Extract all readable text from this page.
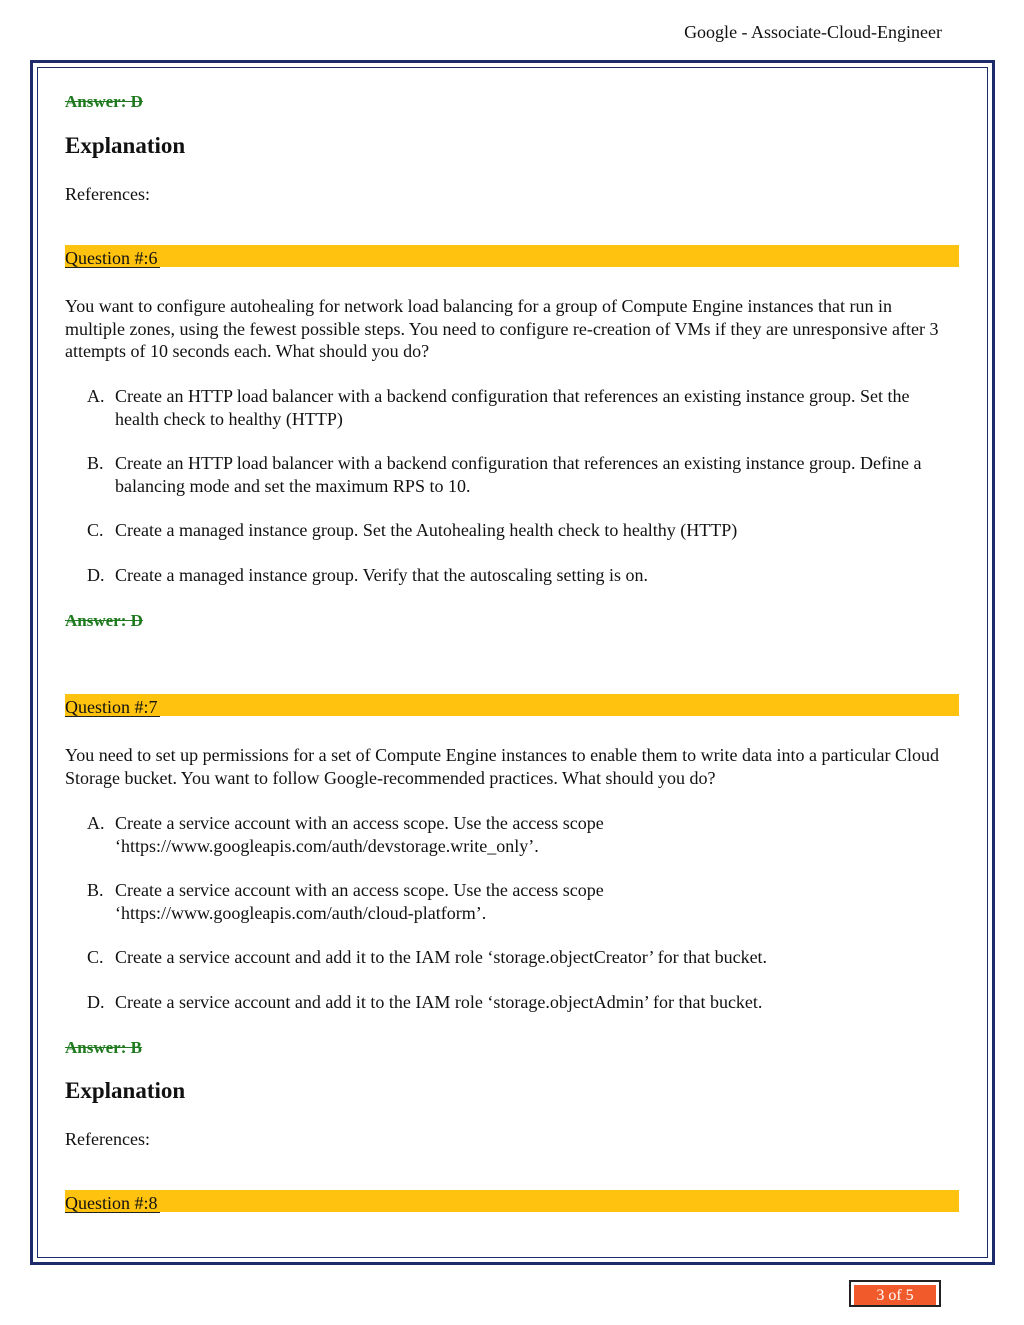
Google - Associate-Cloud-Engineer
Answer: D
Explanation
References:
Question #:6
You want to configure autohealing for network load balancing for a group of Compute Engine instances that run in multiple zones, using the fewest possible steps. You need to configure re-creation of VMs if they are unresponsive after 3 attempts of 10 seconds each. What should you do?
A. Create an HTTP load balancer with a backend configuration that references an existing instance group. Set the health check to healthy (HTTP)
B. Create an HTTP load balancer with a backend configuration that references an existing instance group. Define a balancing mode and set the maximum RPS to 10.
C. Create a managed instance group. Set the Autohealing health check to healthy (HTTP)
D. Create a managed instance group. Verify that the autoscaling setting is on.
Answer: D
Question #:7
You need to set up permissions for a set of Compute Engine instances to enable them to write data into a particular Cloud Storage bucket. You want to follow Google-recommended practices. What should you do?
A. Create a service account with an access scope. Use the access scope
‘https://www.googleapis.com/auth/devstorage.write_only’.
B. Create a service account with an access scope. Use the access scope
‘https://www.googleapis.com/auth/cloud-platform’.
C. Create a service account and add it to the IAM role ‘storage.objectCreator’ for that bucket.
D. Create a service account and add it to the IAM role ‘storage.objectAdmin’ for that bucket.
Answer: B
Explanation
References:
Question #:8
3 of 5
